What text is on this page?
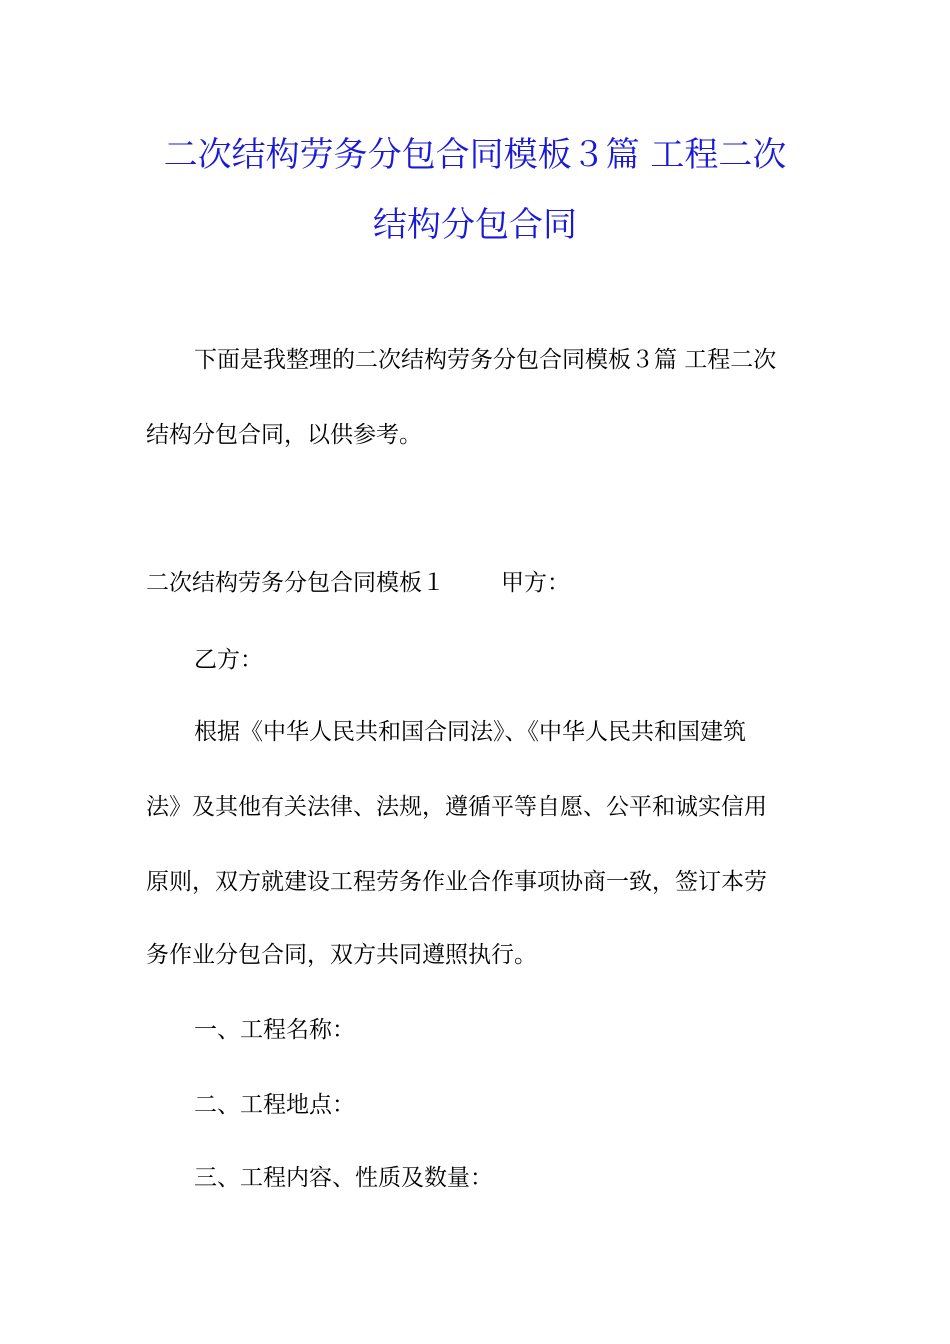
二次结构劳务分包合同模板３篇 工程二次
结构分包合同
下面是我整理的二次结构劳务分包合同模板３篇 工程二次
结构分包合同，以供参考。
二次结构劳务分包合同模板１ 甲方：
乙方：
根据《中华人民共和国合同法》、《中华人民共和国建筑
法》及其他有关法律、法规，遵循平等自愿、公平和诚实信用
原则，双方就建设工程劳务作业合作事项协商一致，签订本劳
务作业分包合同，双方共同遵照执行。
一、工程名称：
二、工程地点：
三、工程内容、性质及数量：
